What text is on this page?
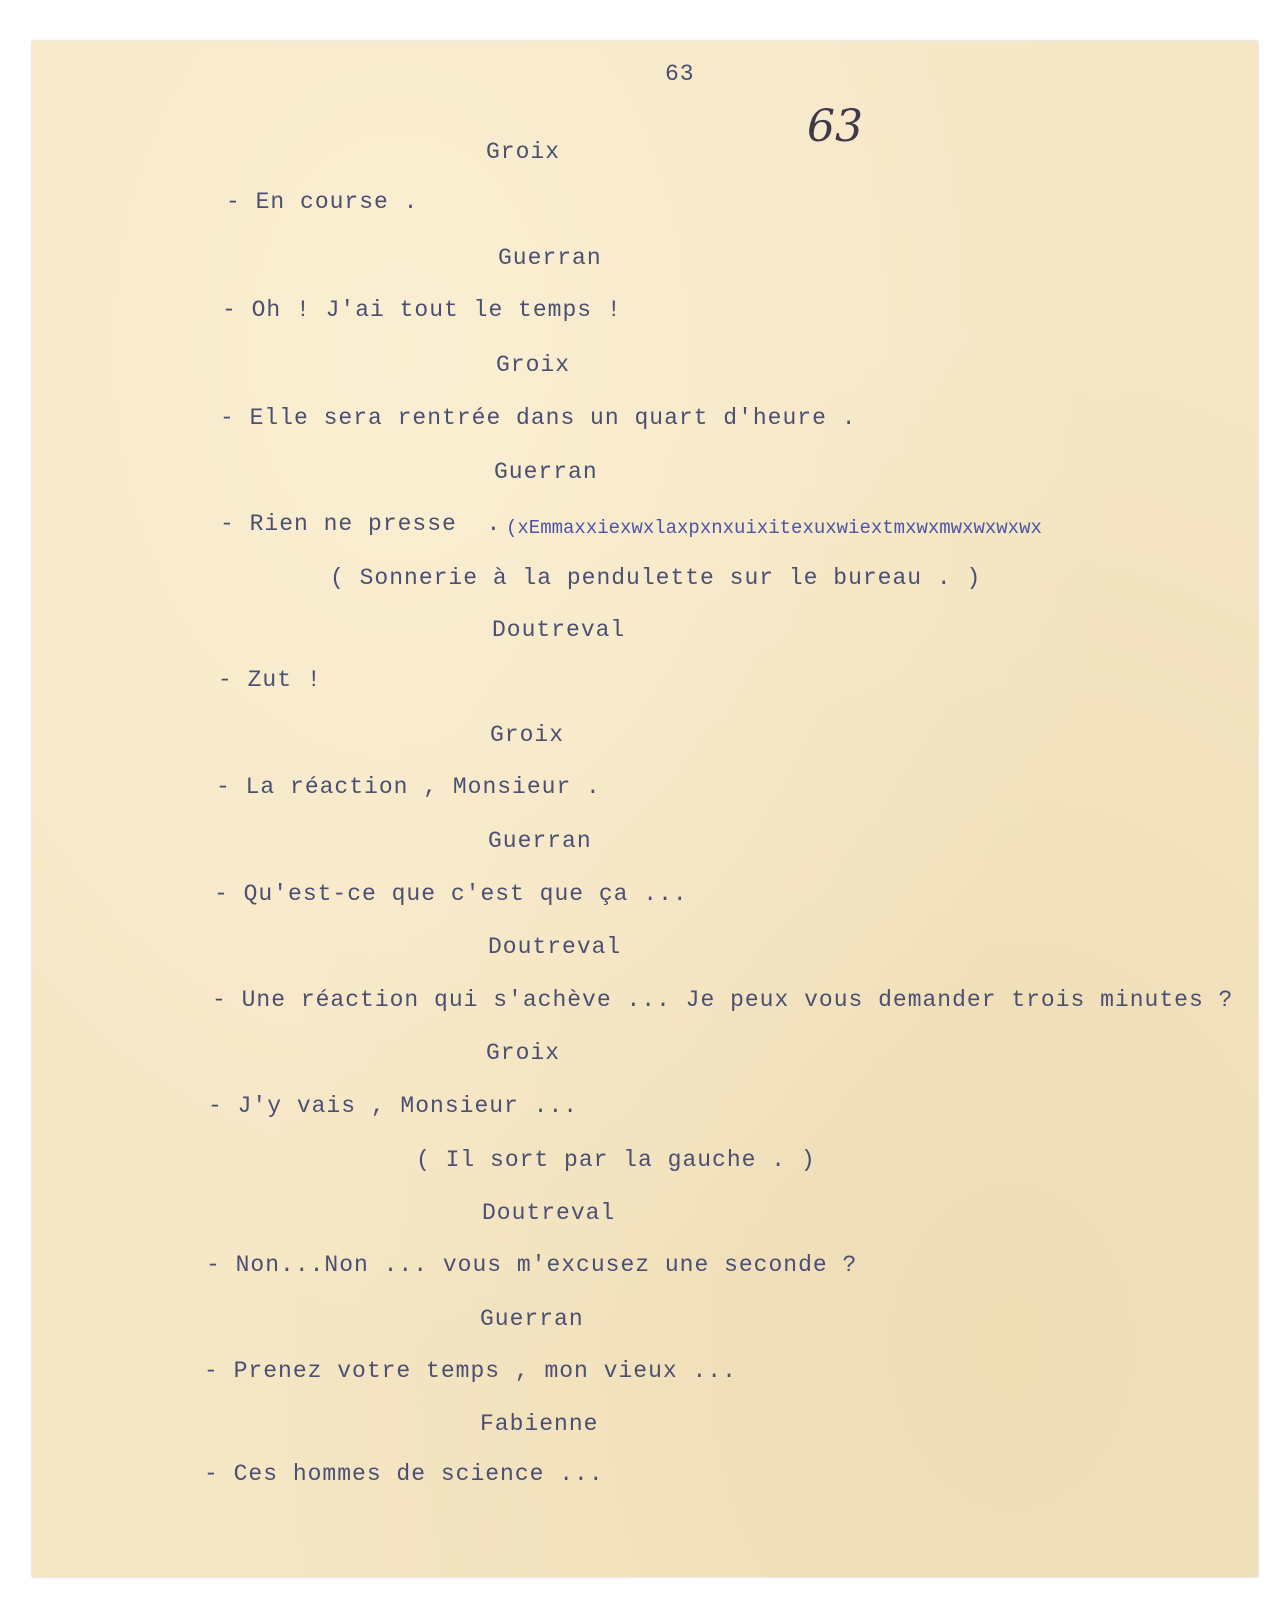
63
63
Groix
- En course .
Guerran
- Oh ! J'ai tout le temps !
Groix
- Elle sera rentrée dans un quart d'heure .
Guerran
- Rien ne presse  . (xEmmaxxiexwxlaxpxnxuixitexuxwiextmxwxmwxwxwxwx
( Sonnerie à la pendulette sur le bureau . )
Doutreval
- Zut !
Groix
- La réaction , Monsieur .
Guerran
- Qu'est-ce que c'est que ça ...
Doutreval
- Une réaction qui s'achève ... Je peux vous demander trois minutes ?
Groix
- J'y vais , Monsieur ...
( Il sort par la gauche . )
Doutreval
- Non...Non ... vous m'excusez une seconde ?
Guerran
- Prenez votre temps , mon vieux ...
Fabienne
- Ces hommes de science ...
